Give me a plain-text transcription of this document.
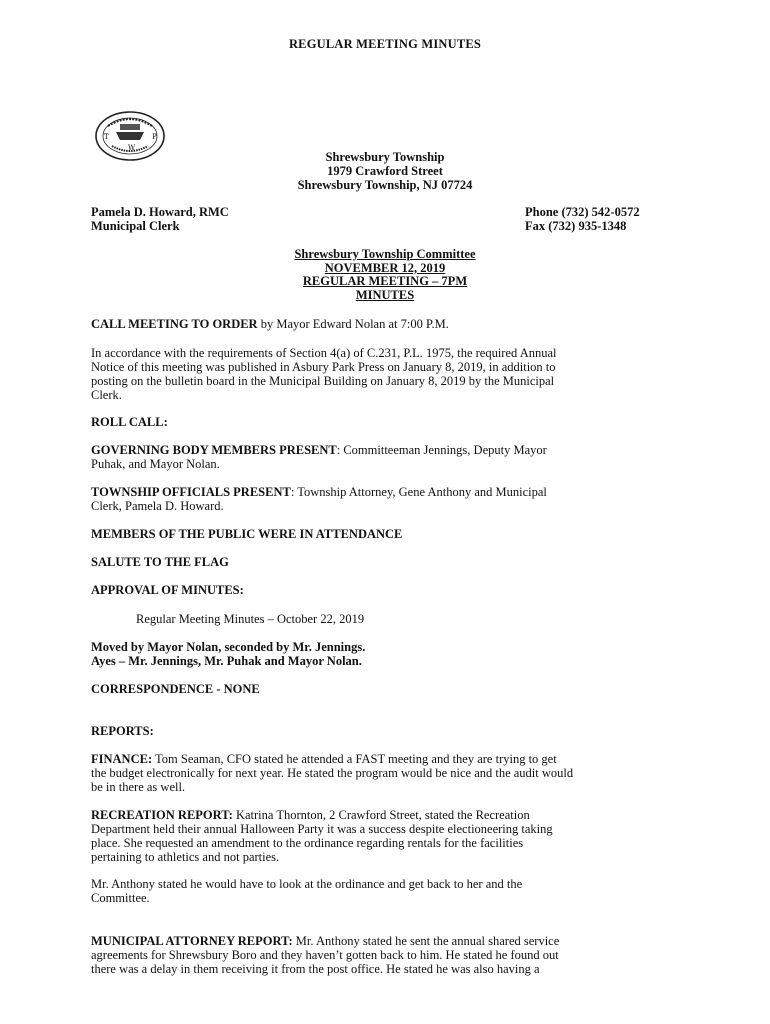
REGULAR MEETING MINUTES
T
W
P
Shrewsbury Township
1979 Crawford Street
Shrewsbury Township, NJ 07724
Pamela D. Howard, RMC
Municipal Clerk
Phone (732) 542-0572
Fax (732) 935-1348
Shrewsbury Township Committee
NOVEMBER 12, 2019
REGULAR MEETING – 7PM
MINUTES
CALL MEETING TO ORDER by Mayor Edward Nolan at 7:00 P.M.
In accordance with the requirements of Section 4(a) of C.231, P.L. 1975, the required Annual
Notice of this meeting was published in Asbury Park Press on January 8, 2019, in addition to
posting on the bulletin board in the Municipal Building on January 8, 2019 by the Municipal
Clerk.
ROLL CALL:
GOVERNING BODY MEMBERS PRESENT: Committeeman Jennings, Deputy Mayor
Puhak, and Mayor Nolan.
TOWNSHIP OFFICIALS PRESENT: Township Attorney, Gene Anthony and Municipal
Clerk, Pamela D. Howard.
MEMBERS OF THE PUBLIC WERE IN ATTENDANCE
SALUTE TO THE FLAG
APPROVAL OF MINUTES:
Regular Meeting Minutes – October 22, 2019
Moved by Mayor Nolan, seconded by Mr. Jennings.
Ayes – Mr. Jennings, Mr. Puhak and Mayor Nolan.
CORRESPONDENCE - NONE
REPORTS:
FINANCE: Tom Seaman, CFO stated he attended a FAST meeting and they are trying to get
the budget electronically for next year. He stated the program would be nice and the audit would
be in there as well.
RECREATION REPORT: Katrina Thornton, 2 Crawford Street, stated the Recreation
Department held their annual Halloween Party it was a success despite electioneering taking
place. She requested an amendment to the ordinance regarding rentals for the facilities
pertaining to athletics and not parties.
Mr. Anthony stated he would have to look at the ordinance and get back to her and the
Committee.
MUNICIPAL ATTORNEY REPORT: Mr. Anthony stated he sent the annual shared service
agreements for Shrewsbury Boro and they haven’t gotten back to him. He stated he found out
there was a delay in them receiving it from the post office. He stated he was also having a
